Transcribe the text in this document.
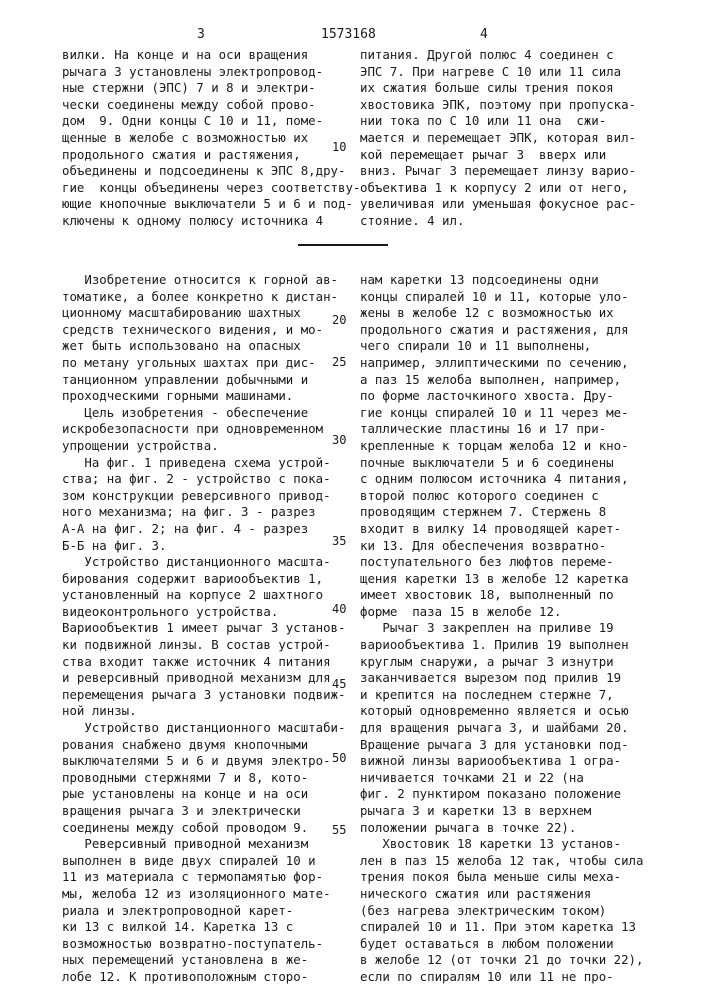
3	1573168	4
вилки. На конце и на оси вращения
рычага 3 установлены электропровод-
ные стержни (ЭПС) 7 и 8 и электри-
чески соединены между собой прово-
дом  9. Одни концы С 10 и 11, поме-
щенные в желобе с возможностью их
продольного сжатия и растяжения,
объединены и подсоединены к ЭПС 8,дру-
гие  концы объединены через соответству-
ющие кнопочные выключатели 5 и 6 и под-
ключены к одному полюсу источника 4
питания. Другой полюс 4 соединен с
ЭПС 7. При нагреве С 10 или 11 сила
их сжатия больше силы трения покоя
хвостовика ЭПК, поэтому при пропуска-
нии тока по С 10 или 11 она  сжи-
мается и перемещает ЭПК, которая вил-
кой перемещает рычаг 3  вверх или
вниз. Рычаг 3 перемещает линзу варио-
объектива 1 к корпусу 2 или от него,
увеличивая или уменьшая фокусное рас-
стояние. 4 ил.
Изобретение относится к горной ав-
томатике, а более конкретно к дистан-
ционному масштабированию шахтных
средств технического видения, и мо-
жет быть использовано на опасных
по метану угольных шахтах при дис-
танционном управлении добычными и
проходческими горными машинами.
Цель изобретения - обеспечение
искробезопасности при одновременном
упрощении устройства.
На фиг. 1 приведена схема устрой-
ства; на фиг. 2 - устройство с пока-
зом конструкции реверсивного привод-
ного механизма; на фиг. 3 - разрез
А-А на фиг. 2; на фиг. 4 - разрез
Б-Б на фиг. 3.
Устройство дистанционного масшта-
бирования содержит вариообъектив 1,
установленный на корпусе 2 шахтного
видеоконтрольного устройства.
Вариообъектив 1 имеет рычаг 3 установ-
ки подвижной линзы. В состав устрой-
ства входит также источник 4 питания
и реверсивный приводной механизм для
перемещения рычага 3 установки подвиж-
ной линзы.
Устройство дистанционного масштаби-
рования снабжено двумя кнопочными
выключателями 5 и 6 и двумя электро-
проводными стержнями 7 и 8, кото-
рые установлены на конце и на оси
вращения рычага 3 и электрически
соединены между собой проводом 9.
Реверсивный приводной механизм
выполнен в виде двух спиралей 10 и
11 из материала с термопамятью фор-
мы, желоба 12 из изоляционного мате-
риала и электропроводной карет-
ки 13 с вилкой 14. Каретка 13 с
возможностью возвратно-поступатель-
ных перемещений установлена в же-
лобе 12. К противоположным сторо-
нам каретки 13 подсоединены одни
концы спиралей 10 и 11, которые уло-
жены в желобе 12 с возможностью их
продольного сжатия и растяжения, для
чего спирали 10 и 11 выполнены,
например, эллиптическими по сечению,
а паз 15 желоба выполнен, например,
по форме ласточкиного хвоста. Дру-
гие концы спиралей 10 и 11 через ме-
таллические пластины 16 и 17 при-
крепленные к торцам желоба 12 и кно-
почные выключатели 5 и 6 соединены
с одним полюсом источника 4 питания,
второй полюс которого соединен с
проводящим стержнем 7. Стержень 8
входит в вилку 14 проводящей карет-
ки 13. Для обеспечения возвратно-
поступательного без люфтов переме-
щения каретки 13 в желобе 12 каретка
имеет хвостовик 18, выполненный по
форме  паза 15 в желобе 12.
Рычаг 3 закреплен на приливе 19
вариообъектива 1. Прилив 19 выполнен
круглым снаружи, а рычаг 3 изнутри
заканчивается вырезом под прилив 19
и крепится на последнем стержне 7,
который одновременно является и осью
для вращения рычага 3, и шайбами 20.
Вращение рычага 3 для установки под-
вижной линзы вариообъектива 1 огра-
ничивается точками 21 и 22 (на
фиг. 2 пунктиром показано положение
рычага 3 и каретки 13 в верхнем
положении рычага в точке 22).
Хвостовик 18 каретки 13 установ-
лен в паз 15 желоба 12 так, чтобы сила
трения покоя была меньше силы меха-
нического сжатия или растяжения
(без нагрева электрическим током)
спиралей 10 и 11. При этом каретка 13
будет оставаться в любом положении
в желобе 12 (от точки 21 до точки 22),
если по спиралям 10 или 11 не про-
10
20
25
30
35
40
45
50
55
